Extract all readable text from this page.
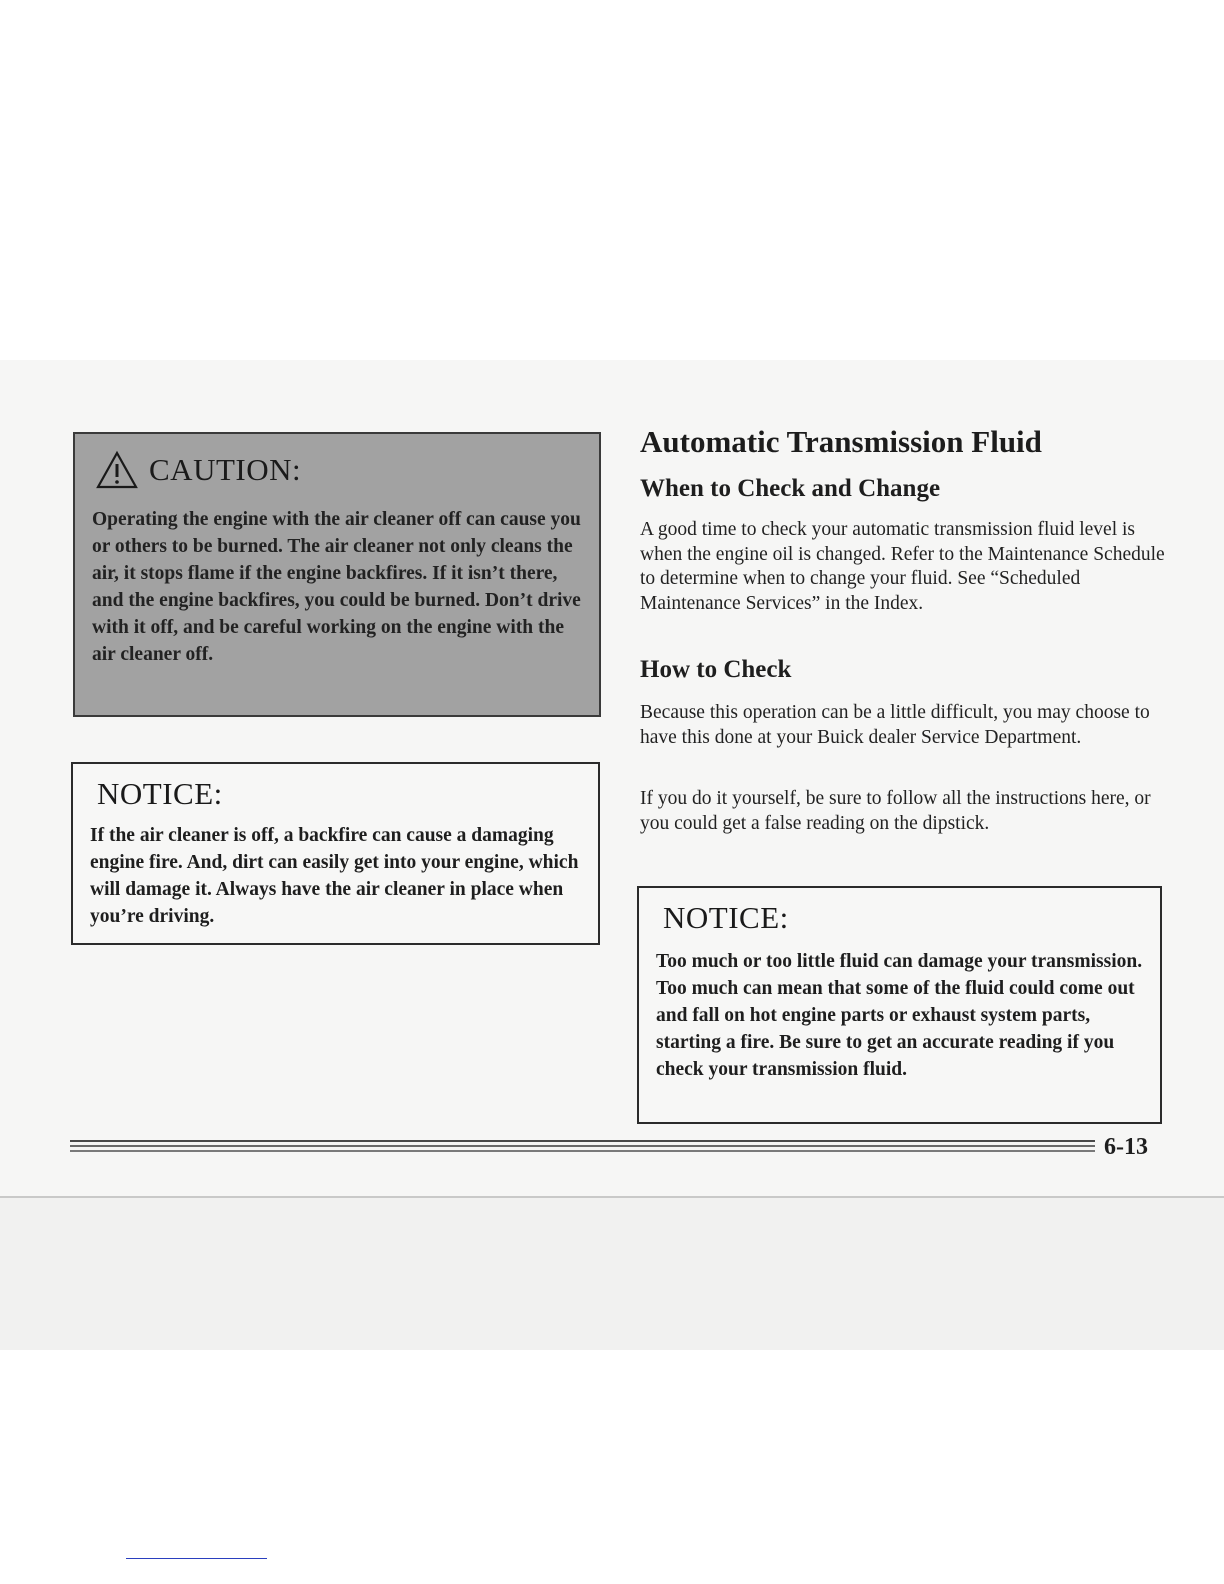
CAUTION:

Operating the engine with the air cleaner off can cause you or others to be burned. The air cleaner not only cleans the air, it stops flame if the engine backfires. If it isn’t there, and the engine backfires, you could be burned. Don’t drive with it off, and be careful working on the engine with the air cleaner off.

NOTICE:

If the air cleaner is off, a backfire can cause a damaging engine fire. And, dirt can easily get into your engine, which will damage it. Always have the air cleaner in place when you’re driving.

Automatic Transmission Fluid
When to Check and Change

A good time to check your automatic transmission fluid level is when the engine oil is changed. Refer to the Maintenance Schedule to determine when to change your fluid. See “Scheduled Maintenance Services” in the Index.

How to Check

Because this operation can be a little difficult, you may choose to have this done at your Buick dealer Service Department.

If you do it yourself, be sure to follow all the instructions here, or you could get a false reading on the dipstick.

NOTICE:

Too much or too little fluid can damage your transmission. Too much can mean that some of the fluid could come out and fall on hot engine parts or exhaust system parts, starting a fire. Be sure to get an accurate reading if you check your transmission fluid.

6-13
